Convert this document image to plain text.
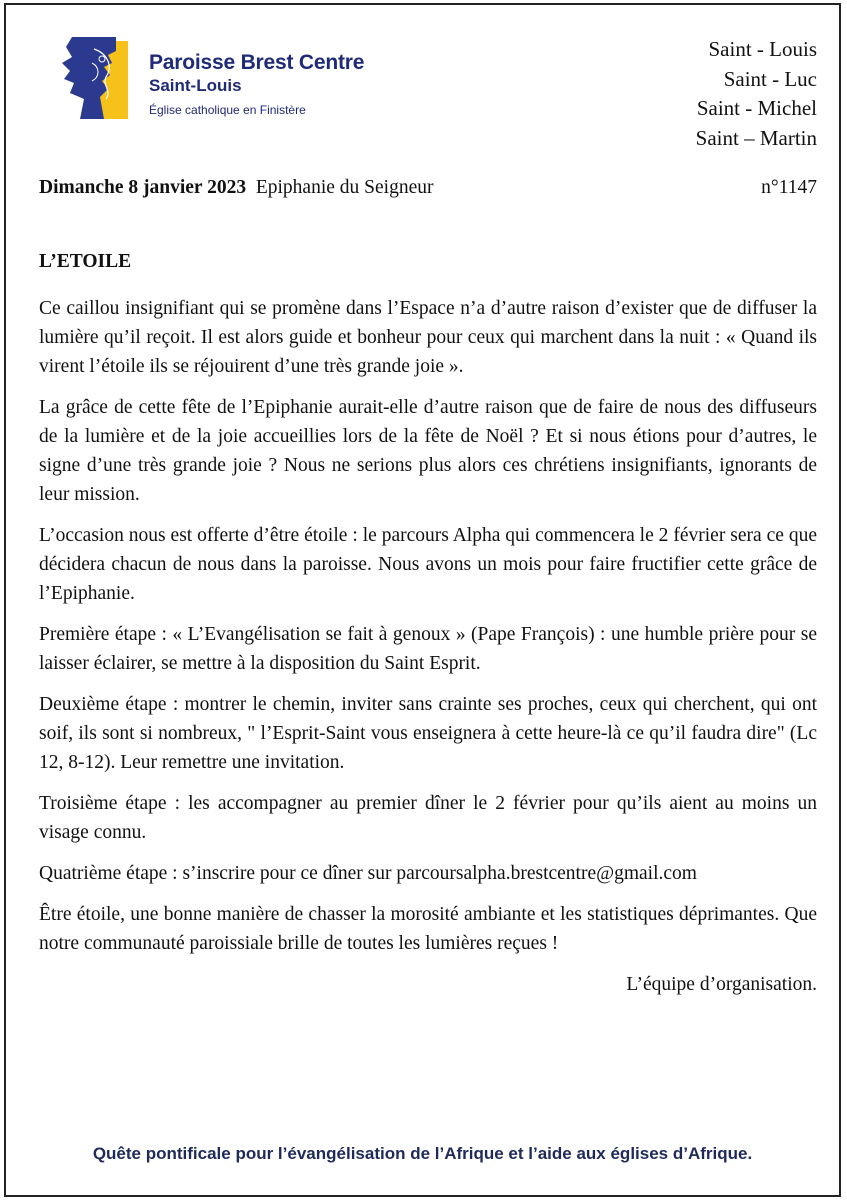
Paroisse Brest Centre
Saint-Louis
Église catholique en Finistère
Saint - Louis
Saint - Luc
Saint - Michel
Saint – Martin
Dimanche 8 janvier 2023 Epiphanie du Seigneur	n°1147
L’ETOILE

Ce caillou insignifiant qui se promène dans l’Espace n’a d’autre raison d’exister que de diffuser la lumière qu’il reçoit. Il est alors guide et bonheur pour ceux qui marchent dans la nuit : « Quand ils virent l’étoile ils se réjouirent d’une très grande joie ».

La grâce de cette fête de l’Epiphanie aurait-elle d’autre raison que de faire de nous des diffuseurs de la lumière et de la joie accueillies lors de la fête de Noël ? Et si nous étions pour d’autres, le signe d’une très grande joie ? Nous ne serions plus alors ces chrétiens insignifiants, ignorants de leur mission.

L’occasion nous est offerte d’être étoile : le parcours Alpha qui commencera le 2 février sera ce que décidera chacun de nous dans la paroisse. Nous avons un mois pour faire fructifier cette grâce de l’Epiphanie.

Première étape : « L’Evangélisation se fait à genoux » (Pape François) : une humble prière pour se laisser éclairer, se mettre à la disposition du Saint Esprit.

Deuxième étape : montrer le chemin, inviter sans crainte ses proches, ceux qui cherchent, qui ont soif, ils sont si nombreux, " l’Esprit-Saint vous enseignera à cette heure-là ce qu’il faudra dire" (Lc 12, 8-12). Leur remettre une invitation.

Troisième étape : les accompagner au premier dîner le 2 février pour qu’ils aient au moins un visage connu.

Quatrième étape : s’inscrire pour ce dîner sur parcoursalpha.brestcentre@gmail.com

Être étoile, une bonne manière de chasser la morosité ambiante et les statistiques déprimantes. Que notre communauté paroissiale brille de toutes les lumières reçues !

L’équipe d’organisation.

Quête pontificale pour l’évangélisation de l’Afrique et l’aide aux églises d’Afrique.
